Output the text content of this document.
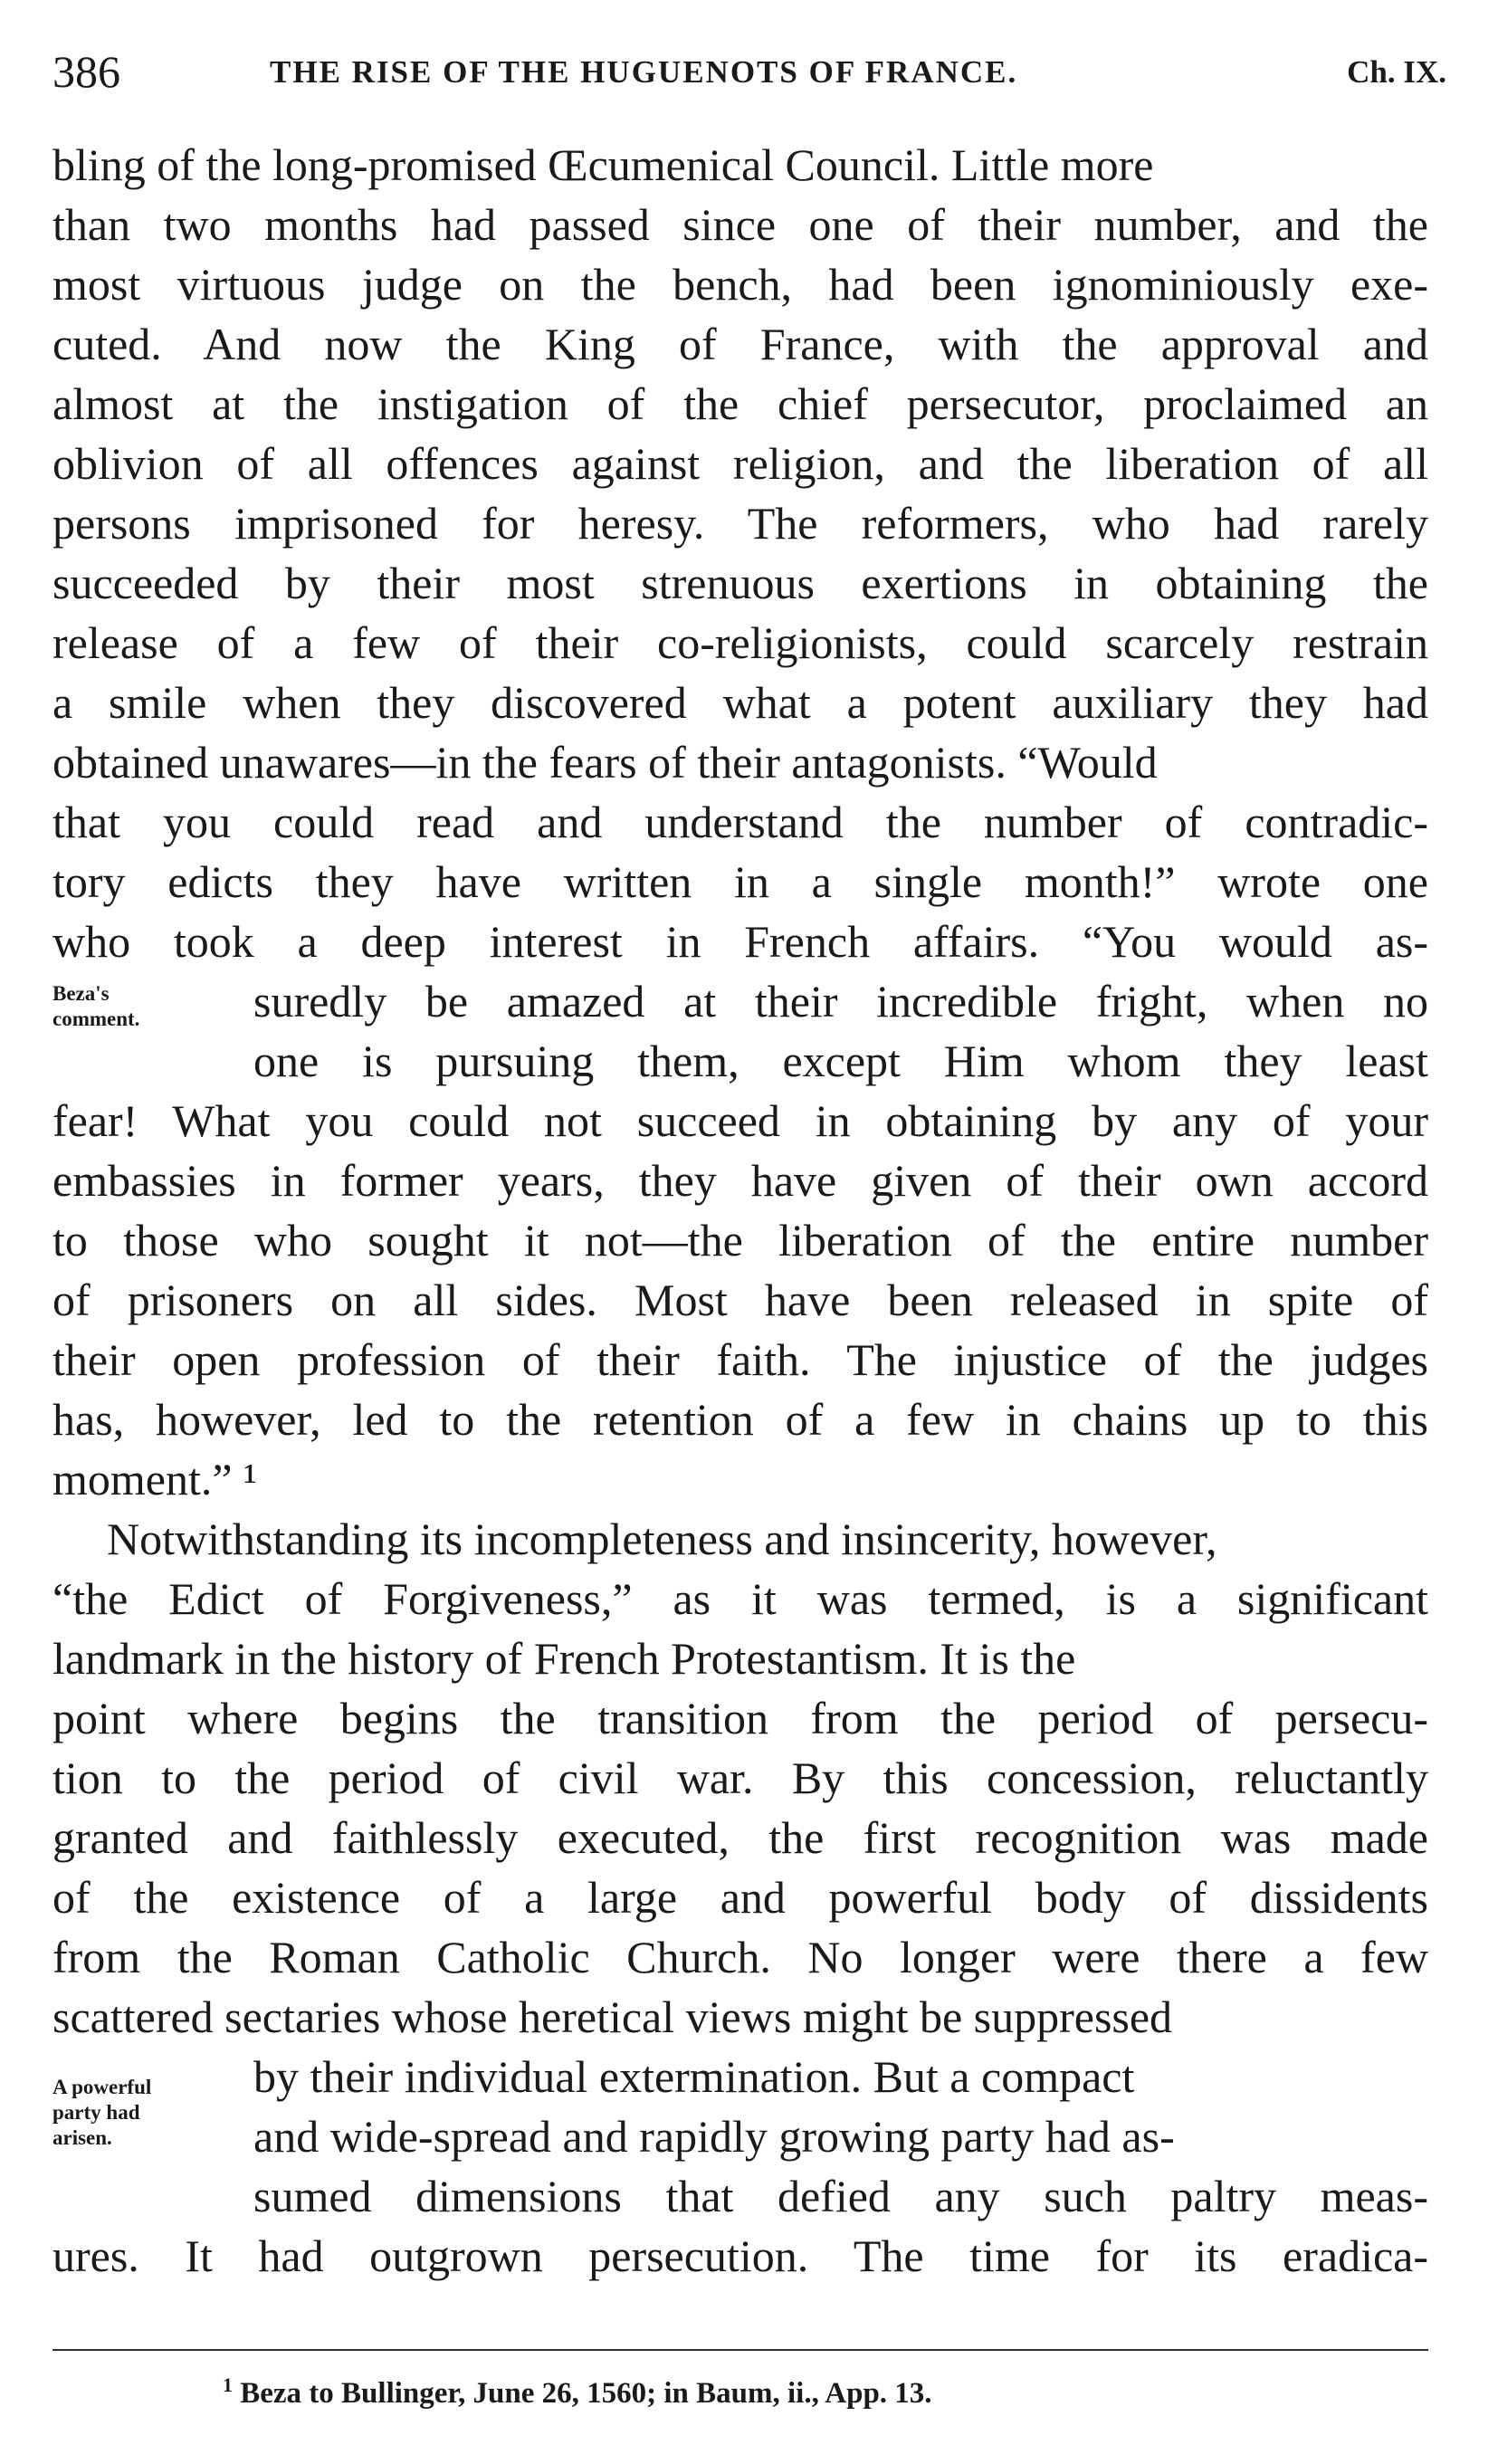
386	THE RISE OF THE HUGUENOTS OF FRANCE.	Ch. IX.
bling of the long-promised Œcumenical Council. Little more
than two months had passed since one of their number, and the
most virtuous judge on the bench, had been ignominiously exe-
cuted. And now the King of France, with the approval and
almost at the instigation of the chief persecutor, proclaimed an
oblivion of all offences against religion, and the liberation of all
persons imprisoned for heresy. The reformers, who had rarely
succeeded by their most strenuous exertions in obtaining the
release of a few of their co-religionists, could scarcely restrain
a smile when they discovered what a potent auxiliary they had
obtained unawares—in the fears of their antagonists. “Would
that you could read and understand the number of contradic-
tory edicts they have written in a single month!” wrote one
who took a deep interest in French affairs. “You would as-
suredly be amazed at their incredible fright, when no
one is pursuing them, except Him whom they least
fear! What you could not succeed in obtaining by any of your
embassies in former years, they have given of their own accord
to those who sought it not—the liberation of the entire number
of prisoners on all sides. Most have been released in spite of
their open profession of their faith. The injustice of the judges
has, however, led to the retention of a few in chains up to this
moment.” ¹
Notwithstanding its incompleteness and insincerity, however,
“the Edict of Forgiveness,” as it was termed, is a significant
landmark in the history of French Protestantism. It is the
point where begins the transition from the period of persecu-
tion to the period of civil war. By this concession, reluctantly
granted and faithlessly executed, the first recognition was made
of the existence of a large and powerful body of dissidents
from the Roman Catholic Church. No longer were there a few
scattered sectaries whose heretical views might be suppressed
by their individual extermination. But a compact
and wide-spread and rapidly growing party had as-
sumed dimensions that defied any such paltry meas-
ures. It had outgrown persecution. The time for its eradica-
Beza's
comment.
A powerful
party had
arisen.
$^1$ Beza to Bullinger, June 26, 1560; in Baum, ii., App. 13.
